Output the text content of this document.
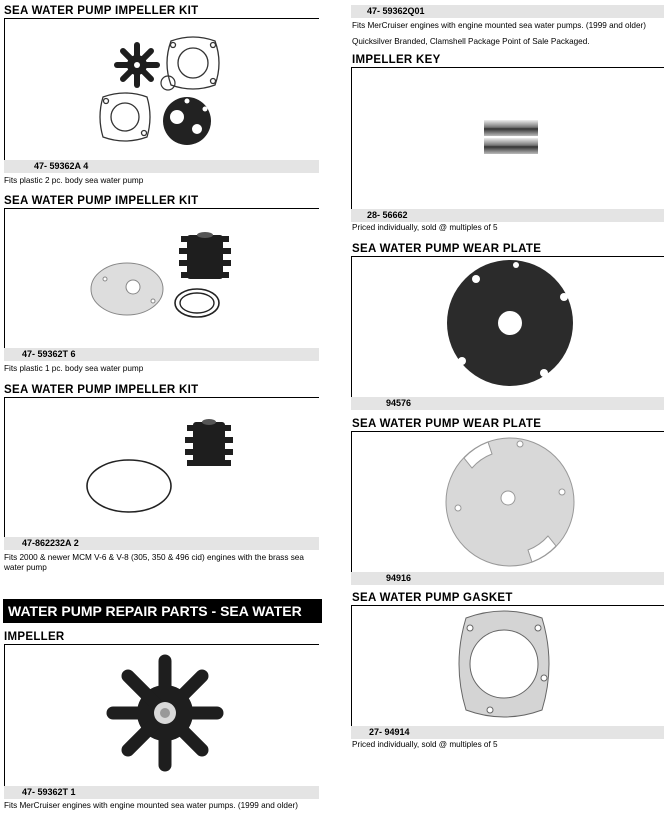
SEA WATER PUMP IMPELLER KIT
47- 59362A 4
Fits plastic 2 pc. body sea water pump
SEA WATER PUMP IMPELLER KIT
47- 59362T 6
Fits plastic 1 pc. body sea water pump
SEA WATER PUMP IMPELLER KIT
47-862232A 2
Fits 2000 & newer MCM V-6 & V-8 (305, 350 & 496 cid) engines with the brass sea water pump
WATER PUMP REPAIR PARTS - SEA WATER
IMPELLER
47- 59362T 1
Fits MerCruiser engines with engine mounted sea water pumps. (1999 and older)
47- 59362Q01
Fits MerCruiser engines with engine mounted sea water pumps. (1999 and older)
Quicksilver Branded, Clamshell Package Point of Sale Packaged.
IMPELLER KEY
28- 56662
Priced individually, sold @ multiples of 5
SEA WATER PUMP WEAR PLATE
94576
SEA WATER PUMP WEAR PLATE
94916
SEA WATER PUMP GASKET
27- 94914
Priced individually, sold @ multiples of 5
